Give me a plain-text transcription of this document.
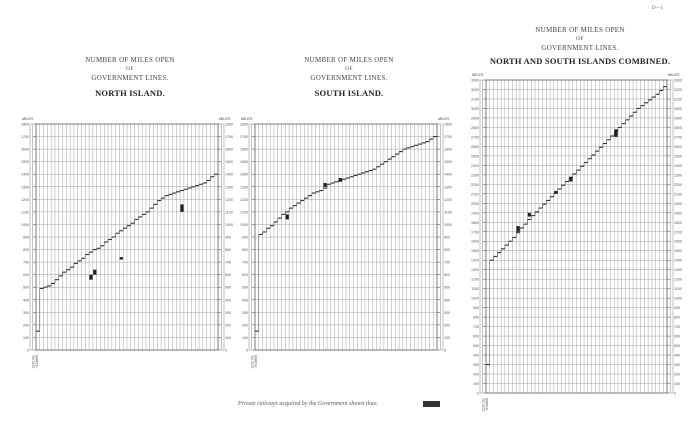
D—1
NUMBER OF MILES OPEN
OF
GOVERNMENT LINES.
NORTH ISLAND.
NUMBER OF MILES OPEN
OF
GOVERNMENT LINES.
SOUTH ISLAND.
NUMBER OF MILES OPEN
OF
GOVERNMENT LINES.
NORTH AND SOUTH ISLANDS COMBINED.
0	0
100	100
200	200
300	300
400	400
500	500
600	600
700	700
800	800
900	900
1000	1000
1100	1100
1200	1200
1300	1300
1400	1400
1500	1500
1600	1600
1700	1700
1800	1800
MILES	MILES
TO 31ST MARCH
0	0
100	100
200	200
300	300
400	400
500	500
600	600
700	700
800	800
900	900
1000	1000
1100	1100
1200	1200
1300	1300
1400	1400
1500	1500
1600	1600
1700	1700
1800	1800
MILES	MILES
TO 31ST MARCH
0	0
100	100
200	200
300	300
400	400
500	500
600	600
700	700
800	800
900	900
1000	1000
1100	1100
1200	1200
1300	1300
1400	1400
1500	1500
1600	1600
1700	1700
1800	1800
1900	1900
2000	2000
2100	2100
2200	2200
2300	2300
2400	2400
2500	2500
2600	2600
2700	2700
2800	2800
2900	2900
3000	3000
3100	3100
3200	3200
3300	3300
MILES	MILES
TO 31ST MARCH
Private railways acquired by the Government shown thus:
